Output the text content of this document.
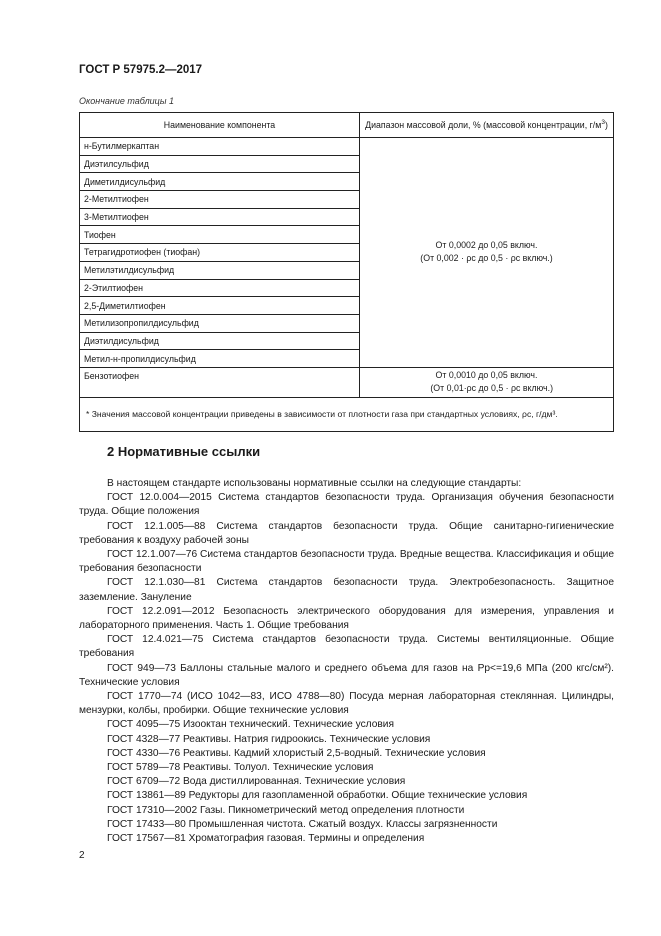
ГОСТ Р 57975.2—2017
Окончание таблицы 1
Наименование компонента	Диапазон массовой доли, % (массовой концентрации, $г/м^3$)
н-Бутилмеркаптан	От 0,0002 до 0,05 включ.
(От 0,002 · ρc до 0,5 · ρc включ.)

Диэтилсульфид	
Диметилдисульфид	
2-Метилтиофен	
3-Метилтиофен	
Тиофен	
Тетрагидротиофен (тиофан)	
Метилэтилдисульфид	
2-Этилтиофен	
2,5-Диметилтиофен	
Метилизопропилдисульфид	
Диэтилдисульфид	
Метил-н-пропилдисульфид	
Бензотиофен	От 0,0010 до 0,05 включ.
(От 0,01·ρc до 0,5 · ρc включ.)

* Значения массовой концентрации приведены в зависимости от плотности газа при стандартных условиях, ρc, г/дм³.	
2 Нормативные ссылки

В настоящем стандарте использованы нормативные ссылки на следующие стандарты:

ГОСТ 12.0.004—2015 Система стандартов безопасности труда. Организация обучения безопасности труда. Общие положения

ГОСТ 12.1.005—88 Система стандартов безопасности труда. Общие санитарно-гигиенические требования к воздуху рабочей зоны

ГОСТ 12.1.007—76 Система стандартов безопасности труда. Вредные вещества. Классификация и общие требования безопасности

ГОСТ 12.1.030—81 Система стандартов безопасности труда. Электробезопасность. Защитное заземление. Зануление

ГОСТ 12.2.091—2012 Безопасность электрического оборудования для измерения, управления и лабораторного применения. Часть 1. Общие требования

ГОСТ 12.4.021—75 Система стандартов безопасности труда. Системы вентиляционные. Общие требования

ГОСТ 949—73 Баллоны стальные малого и среднего объема для газов на Pp<=19,6 МПа (200 кгс/см²). Технические условия

ГОСТ 1770—74 (ИСО 1042—83, ИСО 4788—80) Посуда мерная лабораторная стеклянная. Цилиндры, мензурки, колбы, пробирки. Общие технические условия

ГОСТ 4095—75 Изооктан технический. Технические условия

ГОСТ 4328—77 Реактивы. Натрия гидроокись. Технические условия

ГОСТ 4330—76 Реактивы. Кадмий хлористый 2,5-водный. Технические условия

ГОСТ 5789—78 Реактивы. Толуол. Технические условия

ГОСТ 6709—72 Вода дистиллированная. Технические условия

ГОСТ 13861—89 Редукторы для газопламенной обработки. Общие технические условия

ГОСТ 17310—2002 Газы. Пикнометрический метод определения плотности

ГОСТ 17433—80 Промышленная чистота. Сжатый воздух. Классы загрязненности

ГОСТ 17567—81 Хроматография газовая. Термины и определения

2
